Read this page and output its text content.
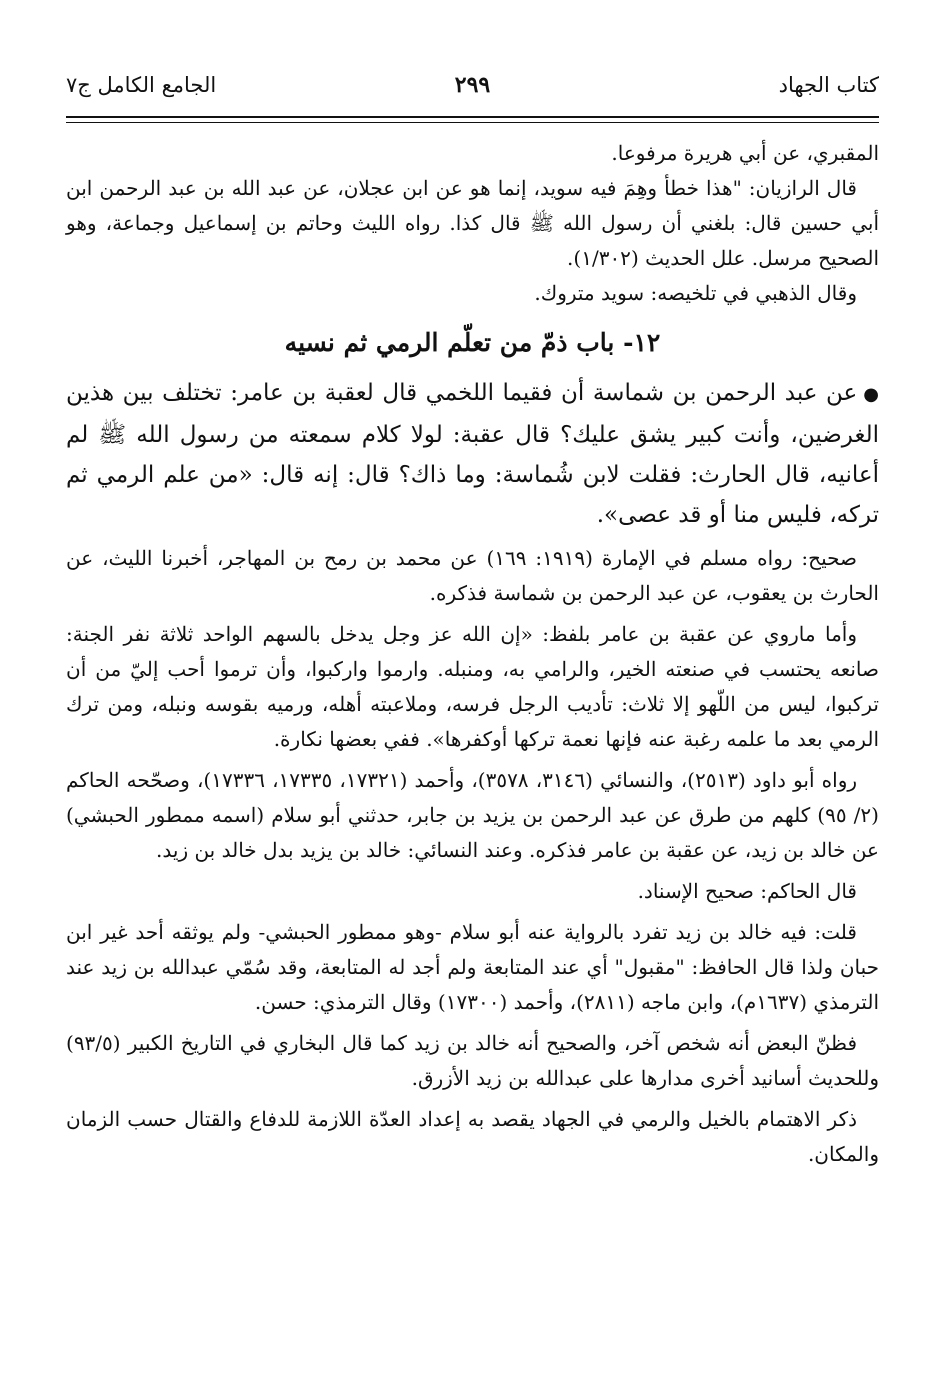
كتاب الجهاد
٢٩٩
الجامع الكامل ج٧

المقبري، عن أبي هريرة مرفوعا.

قال الرازيان: "هذا خطأ وهِمَ فيه سويد، إنما هو عن ابن عجلان، عن عبد الله بن عبد الرحمن ابن أبي حسين قال: بلغني أن رسول الله ﷺ قال كذا. رواه الليث وحاتم بن إسماعيل وجماعة، وهو الصحيح مرسل. علل الحديث (١/٣٠٢).

وقال الذهبي في تلخيصه: سويد متروك.

١٢- باب ذمّ من تعلّم الرمي ثم نسيه

●عن عبد الرحمن بن شماسة أن فقيما اللخمي قال لعقبة بن عامر: تختلف بين هذين الغرضين، وأنت كبير يشق عليك؟ قال عقبة: لولا كلام سمعته من رسول الله ﷺ لم أعانيه، قال الحارث: فقلت لابن شُماسة: وما ذاك؟ قال: إنه قال: «من علم الرمي ثم تركه، فليس منا أو قد عصى».

صحيح: رواه مسلم في الإمارة (١٩١٩: ١٦٩) عن محمد بن رمح بن المهاجر، أخبرنا الليث، عن الحارث بن يعقوب، عن عبد الرحمن بن شماسة فذكره.

وأما ماروي عن عقبة بن عامر بلفظ: «إن الله عز وجل يدخل بالسهم الواحد ثلاثة نفر الجنة: صانعه يحتسب في صنعته الخير، والرامي به، ومنبله. وارموا واركبوا، وأن ترموا أحب إليّ من أن تركبوا، ليس من اللّهو إلا ثلاث: تأديب الرجل فرسه، وملاعبته أهله، ورميه بقوسه ونبله، ومن ترك الرمي بعد ما علمه رغبة عنه فإنها نعمة تركها أوكفرها». ففي بعضها نكارة.

رواه أبو داود (٢٥١٣)، والنسائي (٣١٤٦، ٣٥٧٨)، وأحمد (١٧٣٢١، ١٧٣٣٥، ١٧٣٣٦)، وصحّحه الحاكم (٢/ ٩٥) كلهم من طرق عن عبد الرحمن بن يزيد بن جابر، حدثني أبو سلام (اسمه ممطور الحبشي) عن خالد بن زيد، عن عقبة بن عامر فذكره. وعند النسائي: خالد بن يزيد بدل خالد بن زيد.

قال الحاكم: صحيح الإسناد.

قلت: فيه خالد بن زيد تفرد بالرواية عنه أبو سلام -وهو ممطور الحبشي- ولم يوثقه أحد غير ابن حبان ولذا قال الحافظ: "مقبول" أي عند المتابعة ولم أجد له المتابعة، وقد سُمّي عبدالله بن زيد عند الترمذي (١٦٣٧م)، وابن ماجه (٢٨١١)، وأحمد (١٧٣٠٠) وقال الترمذي: حسن.

فظنّ البعض أنه شخص آخر، والصحيح أنه خالد بن زيد كما قال البخاري في التاريخ الكبير (٩٣/٥) وللحديث أسانيد أخرى مدارها على عبدالله بن زيد الأزرق.

ذكر الاهتمام بالخيل والرمي في الجهاد يقصد به إعداد العدّة اللازمة للدفاع والقتال حسب الزمان والمكان.
